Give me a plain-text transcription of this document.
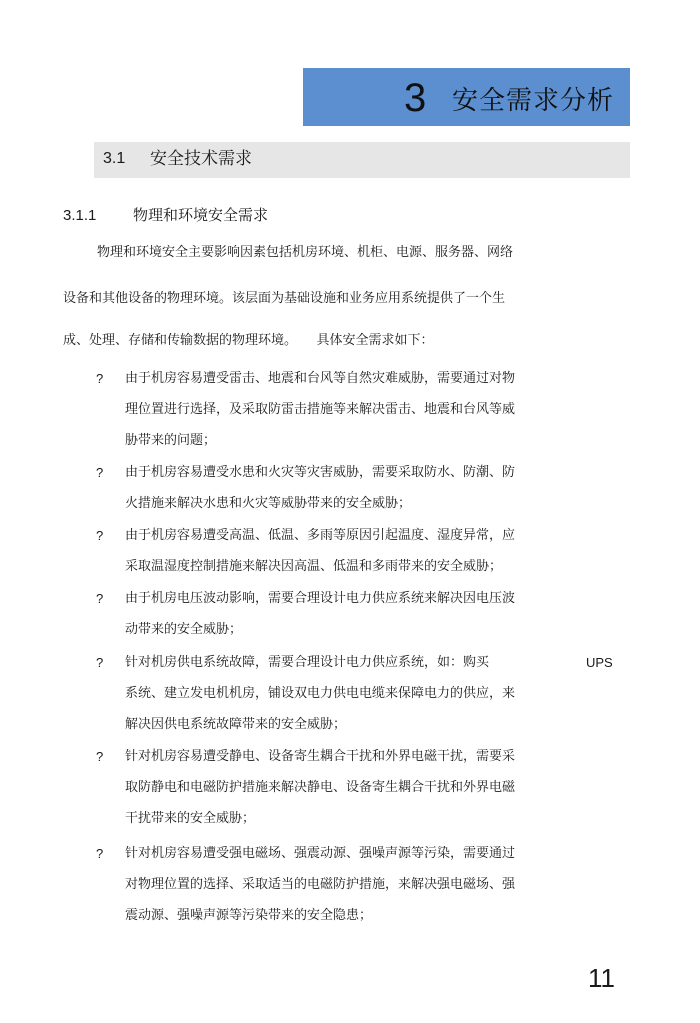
3 安全需求分析
3.1 安全技术需求
3.1.1 物理和环境安全需求
物理和环境安全主要影响因素包括机房环境、机柜、电源、服务器、网络
设备和其他设备的物理环境。该层面为基础设施和业务应用系统提供了一个生
成、处理、存储和传输数据的物理环境。　　具体安全需求如下：
? 由于机房容易遭受雷击、地震和台风等自然灾难威胁，需要通过对物
理位置进行选择，及采取防雷击措施等来解决雷击、地震和台风等威
胁带来的问题；
? 由于机房容易遭受水患和火灾等灾害威胁，需要采取防水、防潮、防
火措施来解决水患和火灾等威胁带来的安全威胁；
? 由于机房容易遭受高温、低温、多雨等原因引起温度、湿度异常，应
采取温湿度控制措施来解决因高温、低温和多雨带来的安全威胁；
? 由于机房电压波动影响，需要合理设计电力供应系统来解决因电压波
动带来的安全威胁；
? 针对机房供电系统故障，需要合理设计电力供应系统，如：购买	UPS
系统、建立发电机机房，铺设双电力供电电缆来保障电力的供应，来
解决因供电系统故障带来的安全威胁；
? 针对机房容易遭受静电、设备寄生耦合干扰和外界电磁干扰，需要采
取防静电和电磁防护措施来解决静电、设备寄生耦合干扰和外界电磁
干扰带来的安全威胁；
? 针对机房容易遭受强电磁场、强震动源、强噪声源等污染，需要通过
对物理位置的选择、采取适当的电磁防护措施，来解决强电磁场、强
震动源、强噪声源等污染带来的安全隐患；
11
